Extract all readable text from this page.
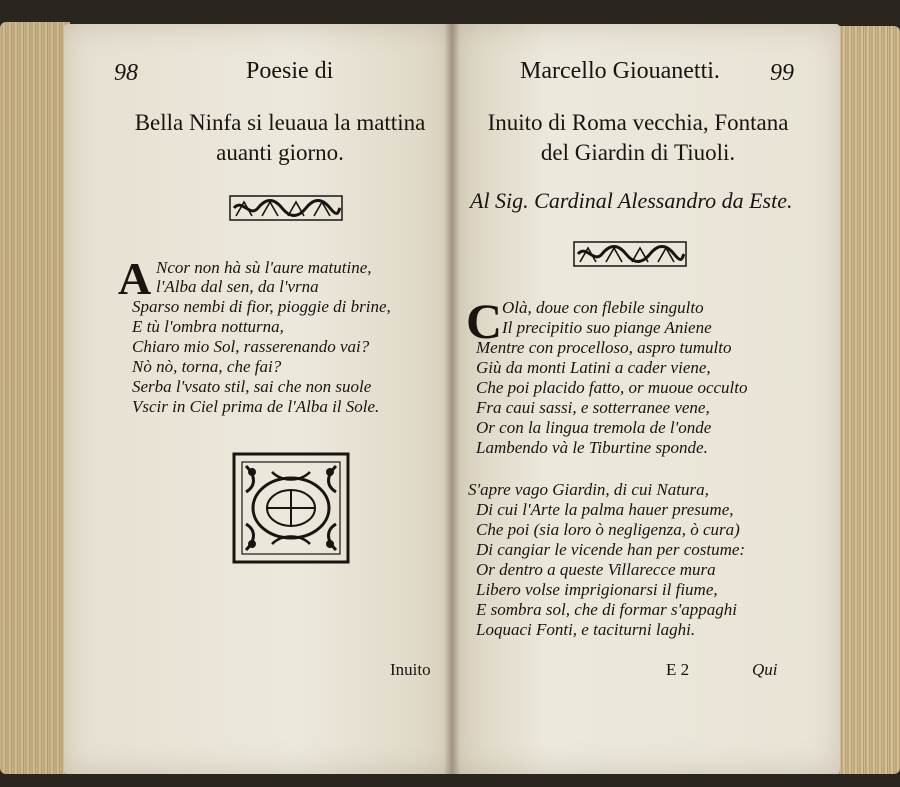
98	Poesie di
Bella Ninfa si leuaua la mattina
auanti giorno.
A Ncor non hà sù l'aure matutine,
l'Alba dal sen, da l'vrna
Sparso nembi di fior, pioggie di brine,
E tù l'ombra notturna,
Chiaro mio Sol, rasserenando vai?
Nò nò, torna, che fai?
Serba l'vsato stil, sai che non suole
Vscir in Ciel prima de l'Alba il Sole.
Inuito
Marcello Giouanetti. 99
Inuito di Roma vecchia, Fontana
del Giardin di Tiuoli.
Al Sig. Cardinal Alessandro da Este.
C Olà, doue con flebile singulto
Il precipitio suo piange Aniene
Mentre con procelloso, aspro tumulto
Giù da monti Latini a cader viene,
Che poi placido fatto, or muoue occulto
Fra caui sassi, e sotterranee vene,
Or con la lingua tremola de l'onde
Lambendo và le Tiburtine sponde.
S'apre vago Giardin, di cui Natura,
Di cui l'Arte la palma hauer presume,
Che poi (sia loro ò negligenza, ò cura)
Di cangiar le vicende han per costume:
Or dentro a queste Villarecce mura
Libero volse imprigionarsi il fiume,
E sombra sol, che di formar s'appaghi
Loquaci Fonti, e taciturni laghi.
E 2	Qui
